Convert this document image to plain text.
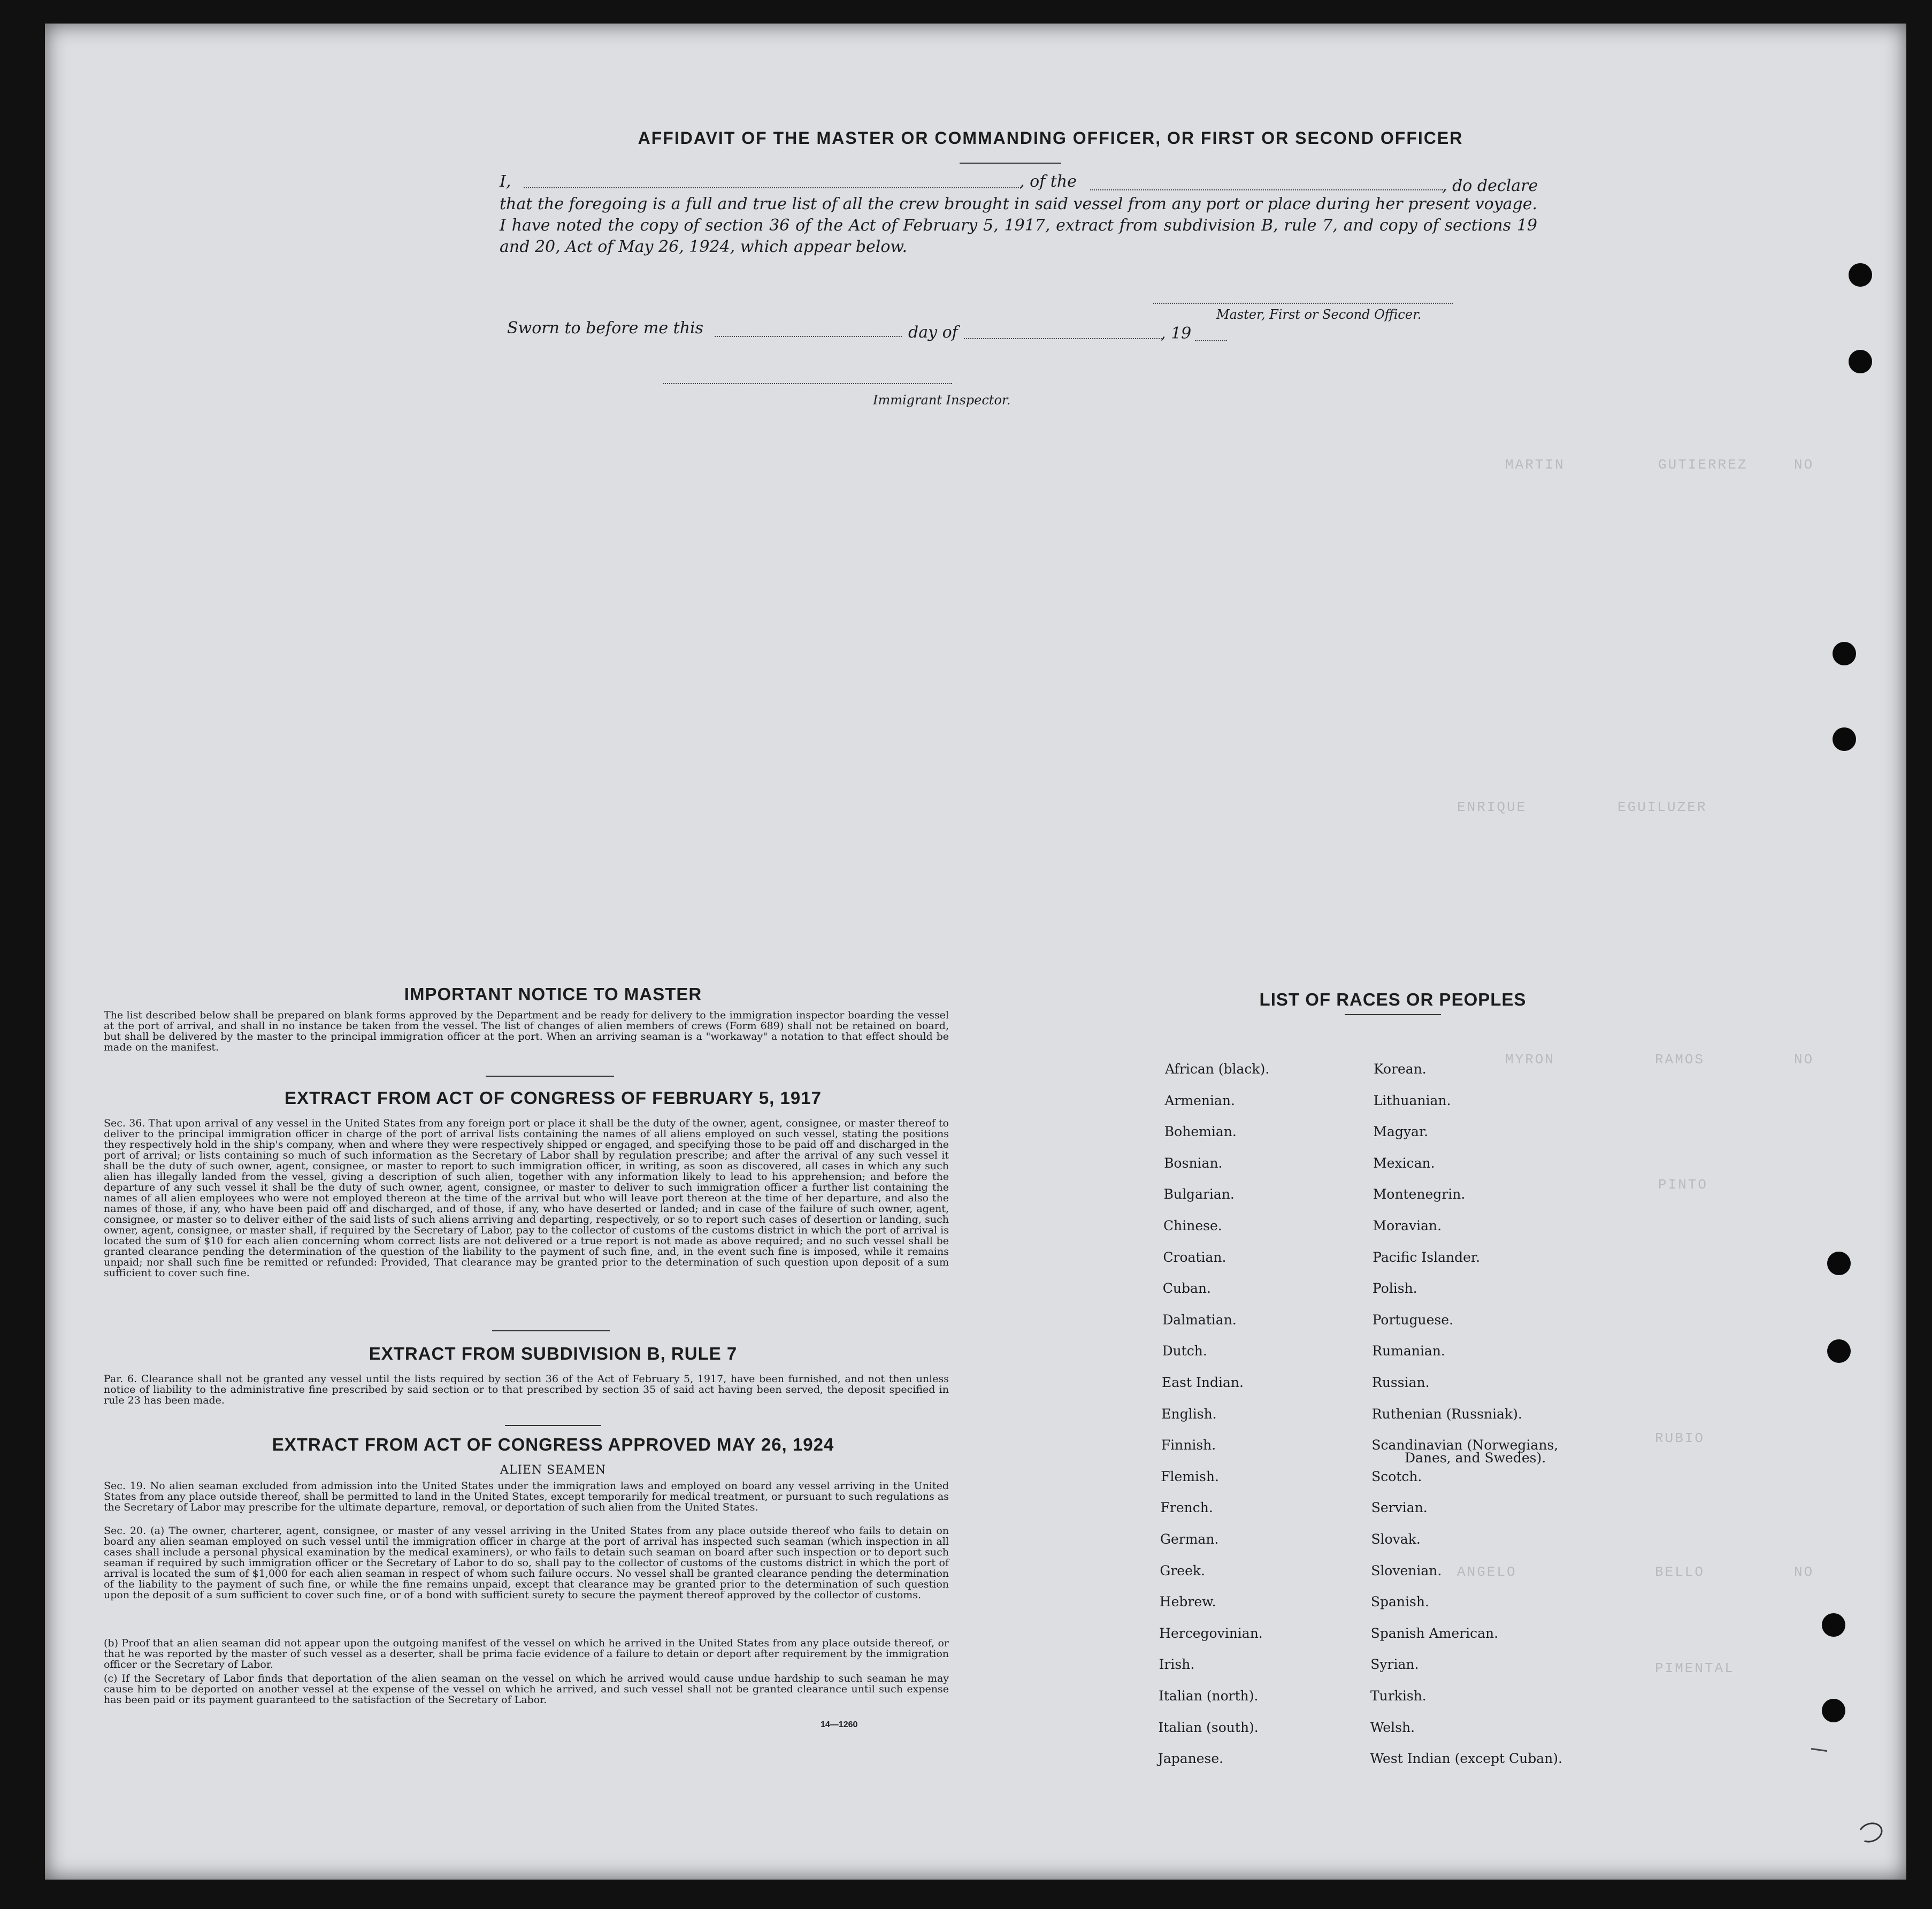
NO
GUTIERREZ
MARTIN
EGUILUZER
ENRIQUE
NO
RAMOS
MYRON
PINTO
RUBIO
NO
BELLO
ANGELO
PIMENTAL
AFFIDAVIT OF THE MASTER OR COMMANDING OFFICER, OR FIRST OR SECOND OFFICER
I,	, of the	, do declare
that the foregoing is a full and true list of all the crew brought in said vessel from any port or place during her present voyage. I have noted the copy of section 36 of the Act of February 5, 1917, extract from subdivision B, rule 7, and copy of sections 19 and 20, Act of May 26, 1924, which appear below.
Master, First or Second Officer.
Sworn to before me this	day of	, 19
Immigrant Inspector.
IMPORTANT NOTICE TO MASTER
The list described below shall be prepared on blank forms approved by the Department and be ready for delivery to the immigration inspector boarding the vessel at the port of arrival, and shall in no instance be taken from the vessel. The list of changes of alien members of crews (Form 689) shall not be retained on board, but shall be delivered by the master to the principal immigration officer at the port. When an arriving seaman is a "workaway" a notation to that effect should be made on the manifest.
EXTRACT FROM ACT OF CONGRESS OF FEBRUARY 5, 1917
Sec. 36. That upon arrival of any vessel in the United States from any foreign port or place it shall be the duty of the owner, agent, consignee, or master thereof to deliver to the principal immigration officer in charge of the port of arrival lists containing the names of all aliens employed on such vessel, stating the positions they respectively hold in the ship's company, when and where they were respectively shipped or engaged, and specifying those to be paid off and discharged in the port of arrival; or lists containing so much of such information as the Secretary of Labor shall by regulation prescribe; and after the arrival of any such vessel it shall be the duty of such owner, agent, consignee, or master to report to such immigration officer, in writing, as soon as discovered, all cases in which any such alien has illegally landed from the vessel, giving a description of such alien, together with any information likely to lead to his apprehension; and before the departure of any such vessel it shall be the duty of such owner, agent, consignee, or master to deliver to such immigration officer a further list containing the names of all alien employees who were not employed thereon at the time of the arrival but who will leave port thereon at the time of her departure, and also the names of those, if any, who have been paid off and discharged, and of those, if any, who have deserted or landed; and in case of the failure of such owner, agent, consignee, or master so to deliver either of the said lists of such aliens arriving and departing, respectively, or so to report such cases of desertion or landing, such owner, agent, consignee, or master shall, if required by the Secretary of Labor, pay to the collector of customs of the customs district in which the port of arrival is located the sum of $10 for each alien concerning whom correct lists are not delivered or a true report is not made as above required; and no such vessel shall be granted clearance pending the determination of the question of the liability to the payment of such fine, and, in the event such fine is imposed, while it remains unpaid; nor shall such fine be remitted or refunded: Provided, That clearance may be granted prior to the determination of such question upon deposit of a sum sufficient to cover such fine.
EXTRACT FROM SUBDIVISION B, RULE 7
Par. 6. Clearance shall not be granted any vessel until the lists required by section 36 of the Act of February 5, 1917, have been furnished, and not then unless notice of liability to the administrative fine prescribed by said section or to that prescribed by section 35 of said act having been served, the deposit specified in rule 23 has been made.
EXTRACT FROM ACT OF CONGRESS APPROVED MAY 26, 1924
ALIEN SEAMEN
Sec. 19. No alien seaman excluded from admission into the United States under the immigration laws and employed on board any vessel arriving in the United States from any place outside thereof, shall be permitted to land in the United States, except temporarily for medical treatment, or pursuant to such regulations as the Secretary of Labor may prescribe for the ultimate departure, removal, or deportation of such alien from the United States.
Sec. 20. (a) The owner, charterer, agent, consignee, or master of any vessel arriving in the United States from any place outside thereof who fails to detain on board any alien seaman employed on such vessel until the immigration officer in charge at the port of arrival has inspected such seaman (which inspection in all cases shall include a personal physical examination by the medical examiners), or who fails to detain such seaman on board after such inspection or to deport such seaman if required by such immigration officer or the Secretary of Labor to do so, shall pay to the collector of customs of the customs district in which the port of arrival is located the sum of $1,000 for each alien seaman in respect of whom such failure occurs. No vessel shall be granted clearance pending the determination of the liability to the payment of such fine, or while the fine remains unpaid, except that clearance may be granted prior to the determination of such question upon the deposit of a sum sufficient to cover such fine, or of a bond with sufficient surety to secure the payment thereof approved by the collector of customs.
(b) Proof that an alien seaman did not appear upon the outgoing manifest of the vessel on which he arrived in the United States from any place outside thereof, or that he was reported by the master of such vessel as a deserter, shall be prima facie evidence of a failure to detain or deport after requirement by the immigration officer or the Secretary of Labor.
(c) If the Secretary of Labor finds that deportation of the alien seaman on the vessel on which he arrived would cause undue hardship to such seaman he may cause him to be deported on another vessel at the expense of the vessel on which he arrived, and such vessel shall not be granted clearance until such expense has been paid or its payment guaranteed to the satisfaction of the Secretary of Labor.
14—1260
LIST OF RACES OR PEOPLES
African (black).
Armenian.
Bohemian.
Bosnian.
Bulgarian.
Chinese.
Croatian.
Cuban.
Dalmatian.
Dutch.
East Indian.
English.
Finnish.
Flemish.
French.
German.
Greek.
Hebrew.
Hercegovinian.
Irish.
Italian (north).
Italian (south).
Japanese.
Korean.
Lithuanian.
Magyar.
Mexican.
Montenegrin.
Moravian.
Pacific Islander.
Polish.
Portuguese.
Rumanian.
Russian.
Ruthenian (Russniak).
Scandinavian (Norwegians,
Scotch.
Servian.
Slovak.
Slovenian.
Spanish.
Spanish American.
Syrian.
Turkish.
Welsh.
West Indian (except Cuban).
Danes, and Swedes).
